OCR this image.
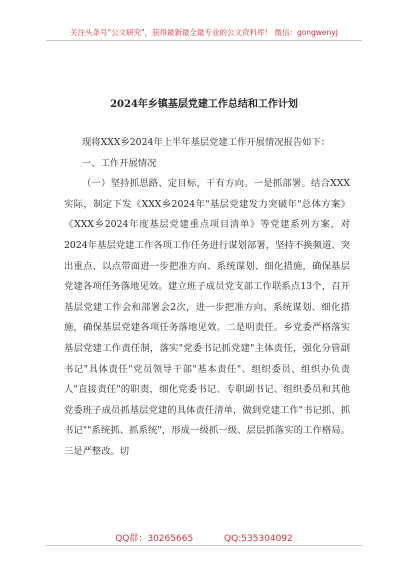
关注头条号"公文研究"，获得最新最全最专业的公文资料库！ 微信：gongwenyj
2024年乡镇基层党建工作总结和工作计划

现将XXX乡2024年上半年基层党建工作开展情况报告如下：

一、工作开展情况

（一）坚持抓思路、定目标，干有方向。一是抓部署。结合XXX实际，制定下发《XXX乡2024年"基层党建发力突破年"总体方案》《XXX乡2024年度基层党建重点项目清单》等党建系列方案，对2024年基层党建工作各项工作任务进行谋划部署，坚持不换频道、突出重点、以点带面进一步把准方向、系统谋划、细化措施，确保基层党建各项任务落地见效。建立班子成员党支部工作联系点13个，召开基层党建工作会和部署会2次，进一步把准方向、系统谋划、细化措施，确保基层党建各项任务落地见效。二是明责任。乡党委严格落实基层党建工作责任制，落实"党委书记抓党建"主体责任，强化分管副书记"具体责任"党员领导干部"基本责任"、组织委员、组织办负责人"直接责任"的职责，细化党委书记、专职副书记、组织委员和其他党委班子成员抓基层党建的具体责任清单，做到党建工作"书记抓、抓书记""系统抓、抓系统"，形成一级抓一级、层层抓落实的工作格局。三是严整改。切

QQ群：30265665	QQ:535304092
